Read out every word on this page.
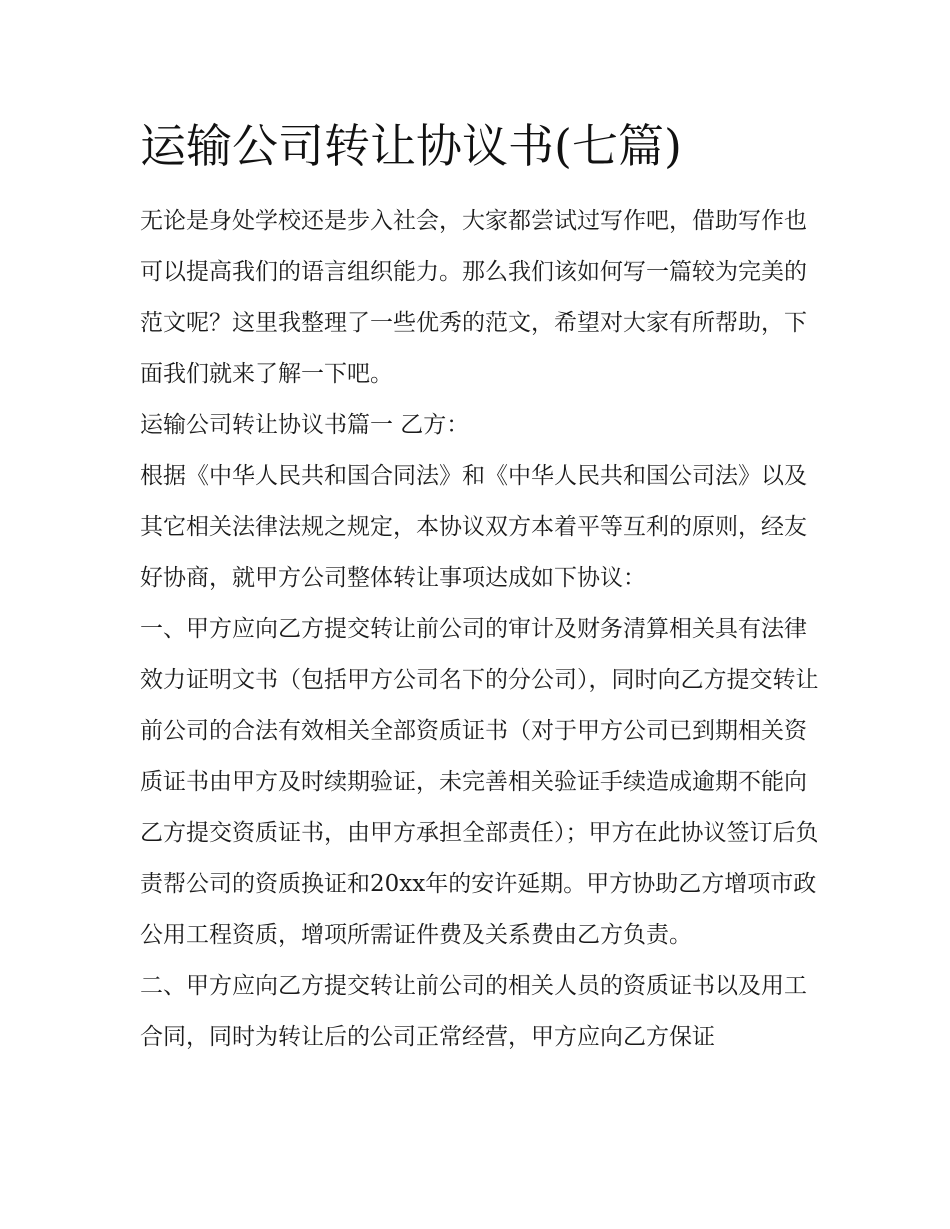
运输公司转让协议书(七篇)

无论是身处学校还是步入社会，大家都尝试过写作吧，借助写作也可以提高我们的语言组织能力。那么我们该如何写一篇较为完美的范文呢？这里我整理了一些优秀的范文，希望对大家有所帮助，下面我们就来了解一下吧。

运输公司转让协议书篇一 乙方：

根据《中华人民共和国合同法》和《中华人民共和国公司法》以及其它相关法律法规之规定，本协议双方本着平等互利的原则，经友好协商，就甲方公司整体转让事项达成如下协议：

一、甲方应向乙方提交转让前公司的审计及财务清算相关具有法律效力证明文书（包括甲方公司名下的分公司），同时向乙方提交转让前公司的合法有效相关全部资质证书（对于甲方公司已到期相关资质证书由甲方及时续期验证，未完善相关验证手续造成逾期不能向乙方提交资质证书，由甲方承担全部责任）；甲方在此协议签订后负责帮公司的资质换证和20xx年的安许延期。甲方协助乙方增项市政公用工程资质，增项所需证件费及关系费由乙方负责。

二、甲方应向乙方提交转让前公司的相关人员的资质证书以及用工合同，同时为转让后的公司正常经营，甲方应向乙方保证
